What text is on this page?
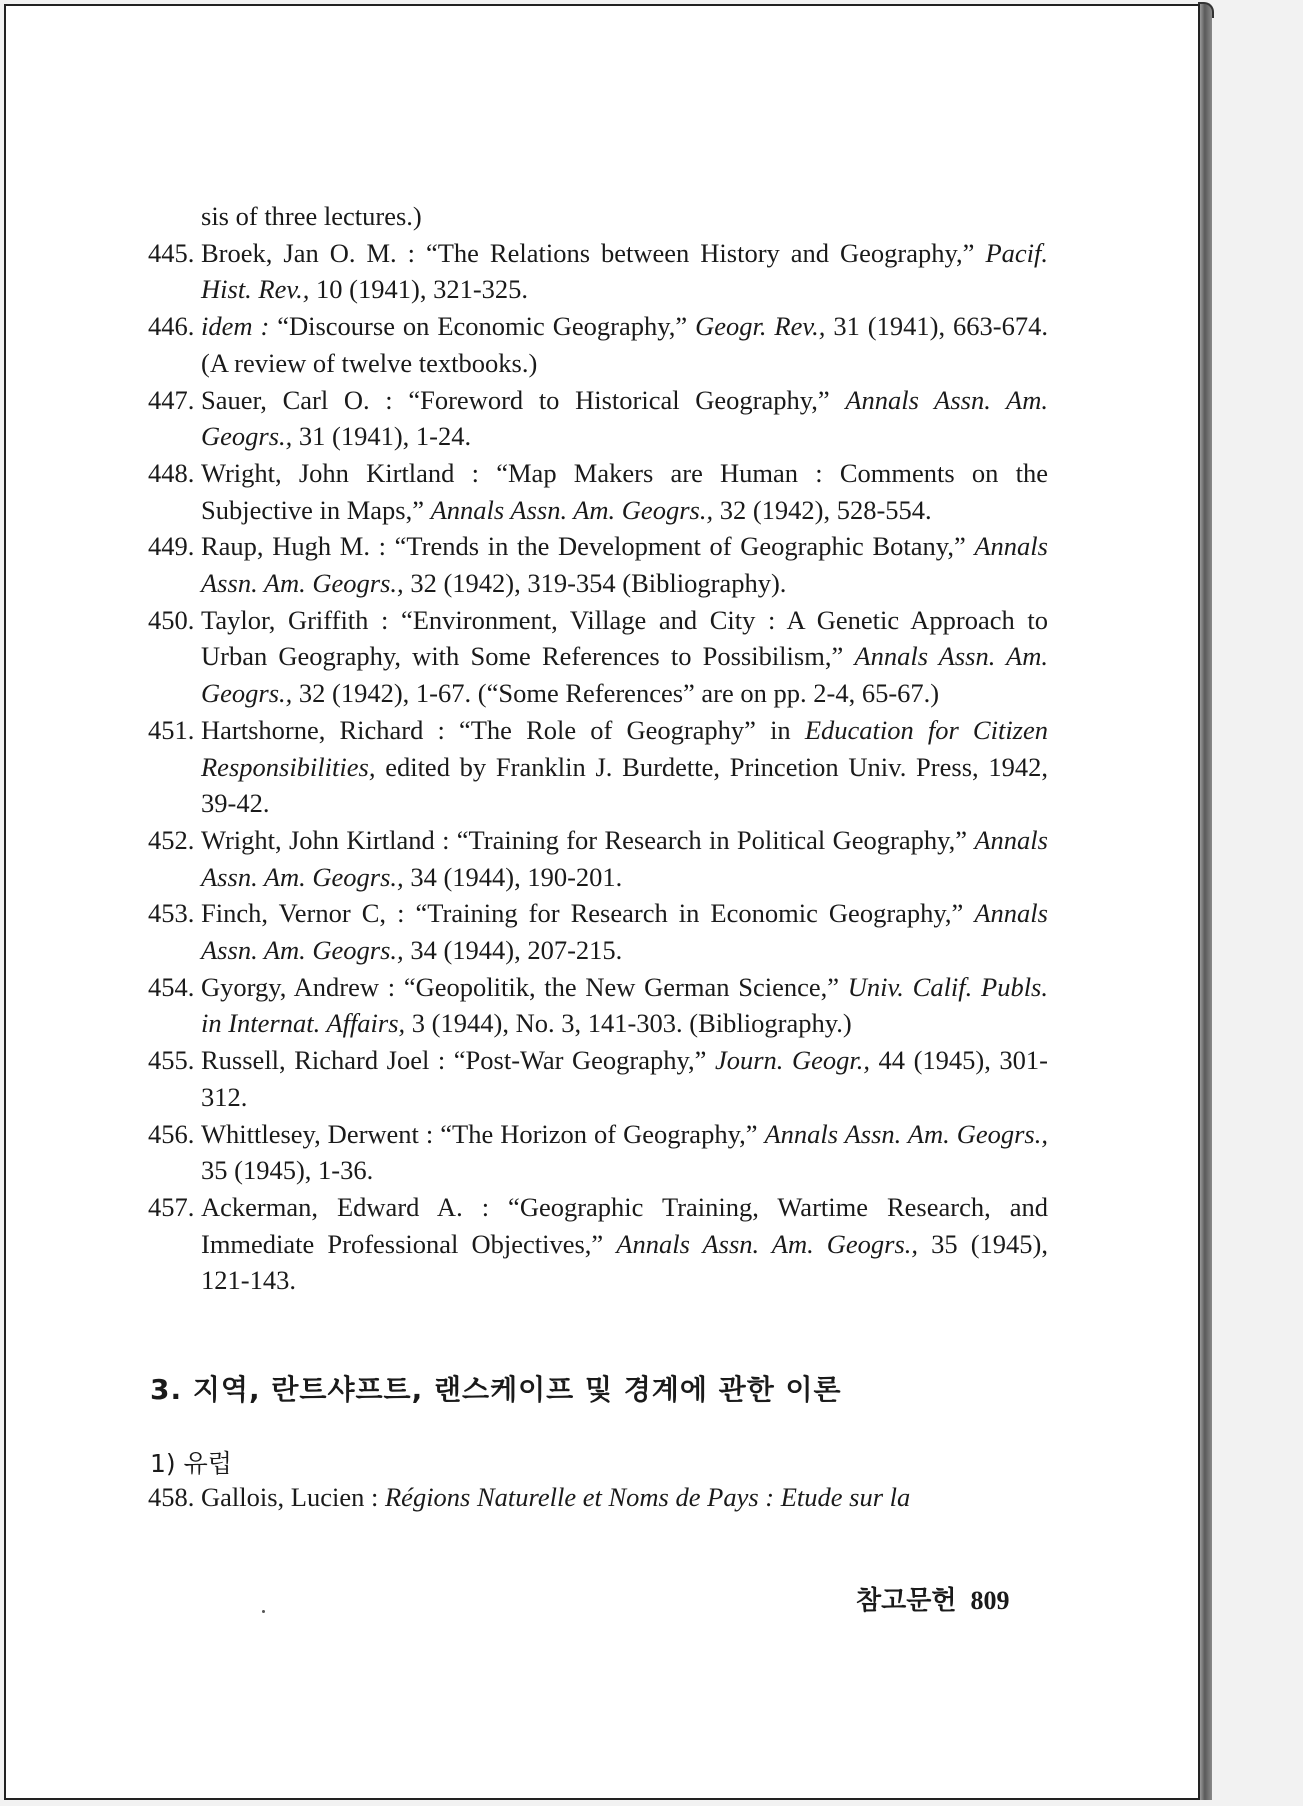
sis of three lectures.)
445. Broek, Jan O. M. : “The Relations between History and Geography,” Pacif. Hist. Rev., 10 (1941), 321-325.
446. idem : “Discourse on Economic Geography,” Geogr. Rev., 31 (1941), 663-674. (A review of twelve textbooks.)
447. Sauer, Carl O. : “Foreword to Historical Geography,” Annals Assn. Am. Geogrs., 31 (1941), 1-24.
448. Wright, John Kirtland : “Map Makers are Human : Comments on the Subjective in Maps,” Annals Assn. Am. Geogrs., 32 (1942), 528-554.
449. Raup, Hugh M. : “Trends in the Development of Geographic Botany,” Annals Assn. Am. Geogrs., 32 (1942), 319-354 (Bibliography).
450. Taylor, Griffith : “Environment, Village and City : A Genetic Approach to Urban Geography, with Some References to Possibilism,” Annals Assn. Am. Geogrs., 32 (1942), 1-67. (“Some References” are on pp. 2-4, 65-67.)
451. Hartshorne, Richard : “The Role of Geography” in Education for Citizen Responsibilities, edited by Franklin J. Burdette, Princetion Univ. Press, 1942, 39-42.
452. Wright, John Kirtland : “Training for Research in Political Geography,” Annals Assn. Am. Geogrs., 34 (1944), 190-201.
453. Finch, Vernor C, : “Training for Research in Economic Geography,” Annals Assn. Am. Geogrs., 34 (1944), 207-215.
454. Gyorgy, Andrew : “Geopolitik, the New German Science,” Univ. Calif. Publs. in Internat. Affairs, 3 (1944), No. 3, 141-303. (Bibliography.)
455. Russell, Richard Joel : “Post-War Geography,” Journ. Geogr., 44 (1945), 301-312.
456. Whittlesey, Derwent : “The Horizon of Geography,” Annals Assn. Am. Geogrs., 35 (1945), 1-36.
457. Ackerman, Edward A. : “Geographic Training, Wartime Research, and Immediate Professional Objectives,” Annals Assn. Am. Geogrs., 35 (1945), 121-143.
3. 지역, 란트샤프트, 랜스케이프 및 경계에 관한 이론
1) 유럽
458. Gallois, Lucien : Régions Naturelle et Noms de Pays : Etude sur la
참고문헌 809
